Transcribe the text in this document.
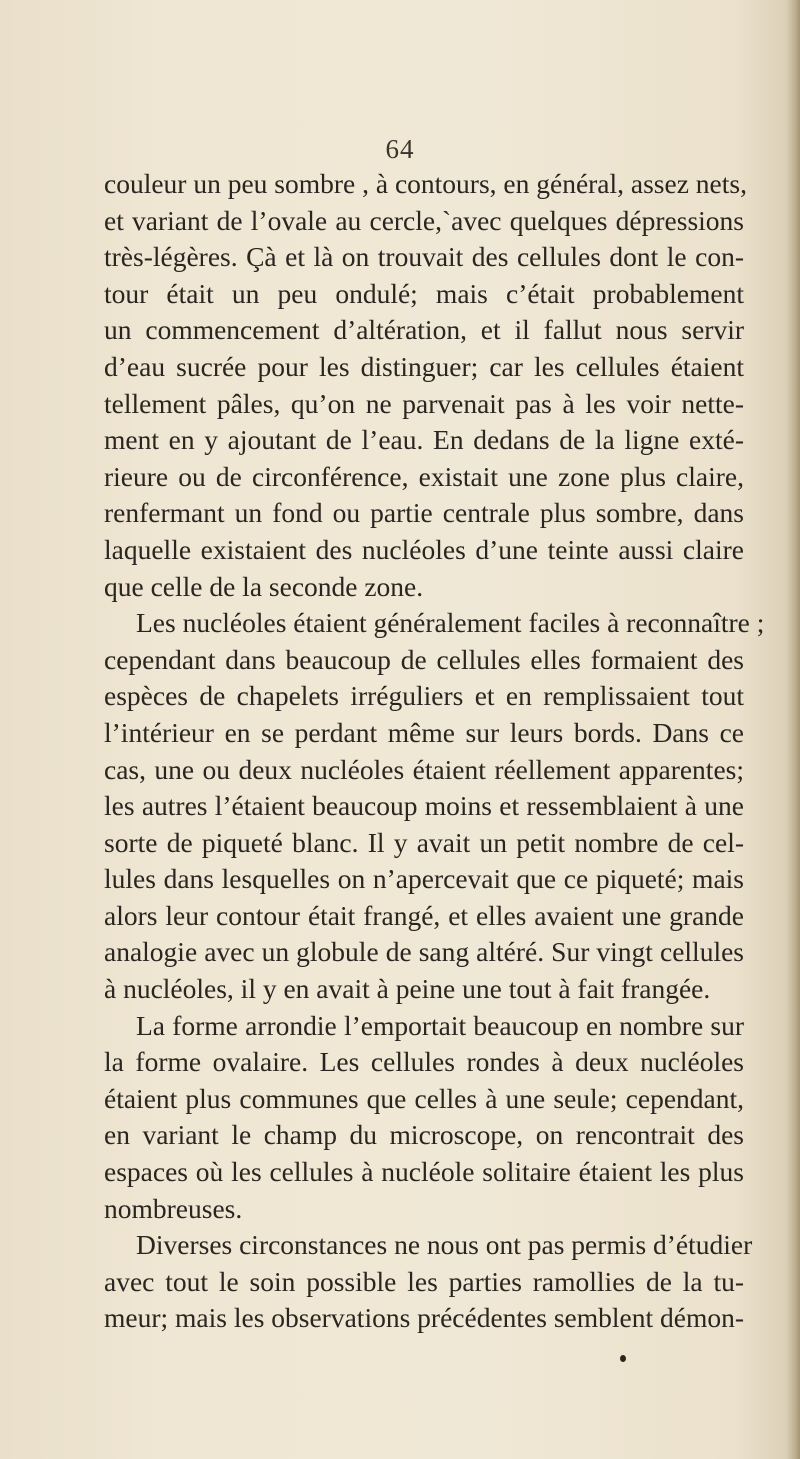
64
couleur un peu sombre , à contours, en général, assez nets,
et variant de l’ovale au cercle,`avec quelques dépressions
très-légères. Çà et là on trouvait des cellules dont le con-
tour était un peu ondulé; mais c’était probablement
un commencement d’altération, et il fallut nous servir
d’eau sucrée pour les distinguer; car les cellules étaient
tellement pâles, qu’on ne parvenait pas à les voir nette-
ment en y ajoutant de l’eau. En dedans de la ligne exté-
rieure ou de circonférence, existait une zone plus claire,
renfermant un fond ou partie centrale plus sombre, dans
laquelle existaient des nucléoles d’une teinte aussi claire
que celle de la seconde zone.
Les nucléoles étaient généralement faciles à reconnaître ;
cependant dans beaucoup de cellules elles formaient des
espèces de chapelets irréguliers et en remplissaient tout
l’intérieur en se perdant même sur leurs bords. Dans ce
cas, une ou deux nucléoles étaient réellement apparentes;
les autres l’étaient beaucoup moins et ressemblaient à une
sorte de piqueté blanc. Il y avait un petit nombre de cel-
lules dans lesquelles on n’apercevait que ce piqueté; mais
alors leur contour était frangé, et elles avaient une grande
analogie avec un globule de sang altéré. Sur vingt cellules
à nucléoles, il y en avait à peine une tout à fait frangée.
La forme arrondie l’emportait beaucoup en nombre sur
la forme ovalaire. Les cellules rondes à deux nucléoles
étaient plus communes que celles à une seule; cependant,
en variant le champ du microscope, on rencontrait des
espaces où les cellules à nucléole solitaire étaient les plus
nombreuses.
Diverses circonstances ne nous ont pas permis d’étudier
avec tout le soin possible les parties ramollies de la tu-
meur; mais les observations précédentes semblent démon-
